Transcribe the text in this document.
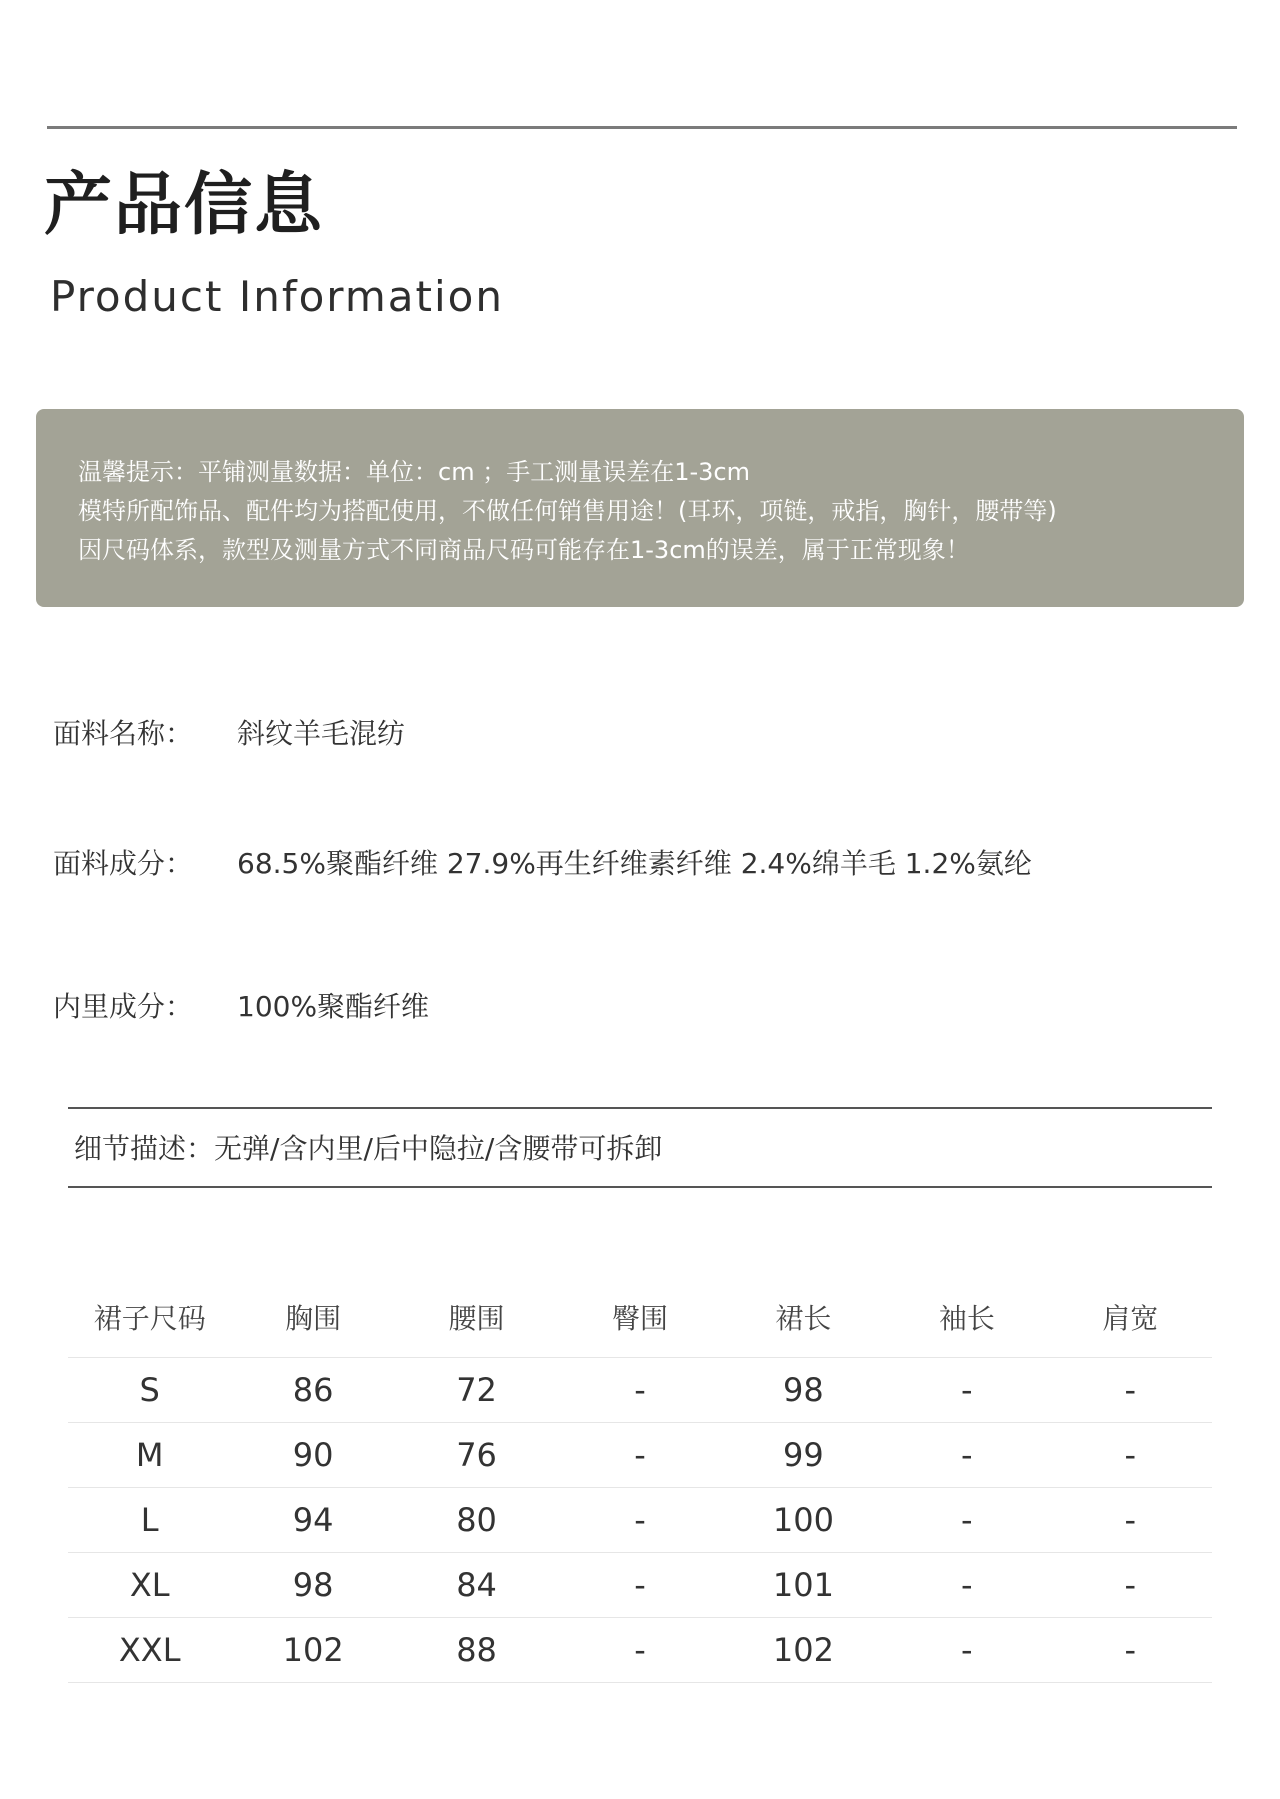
产品信息
Product Information
温馨提示：平铺测量数据：单位：cm ；手工测量误差在1-3cm
模特所配饰品、配件均为搭配使用，不做任何销售用途！(耳环，项链，戒指，胸针，腰带等)
因尺码体系，款型及测量方式不同商品尺码可能存在1-3cm的误差，属于正常现象！
面料名称： 斜纹羊毛混纺
面料成分： 68.5%聚酯纤维 27.9%再生纤维素纤维 2.4%绵羊毛 1.2%氨纶
内里成分： 100%聚酯纤维
细节描述：无弹/含内里/后中隐拉/含腰带可拆卸
裙子尺码	胸围	腰围	臀围	裙长	袖长	肩宽
S	86	72	-	98	-	-
M	90	76	-	99	-	-
L	94	80	-	100	-	-
XL	98	84	-	101	-	-
XXL	102	88	-	102	-	-
